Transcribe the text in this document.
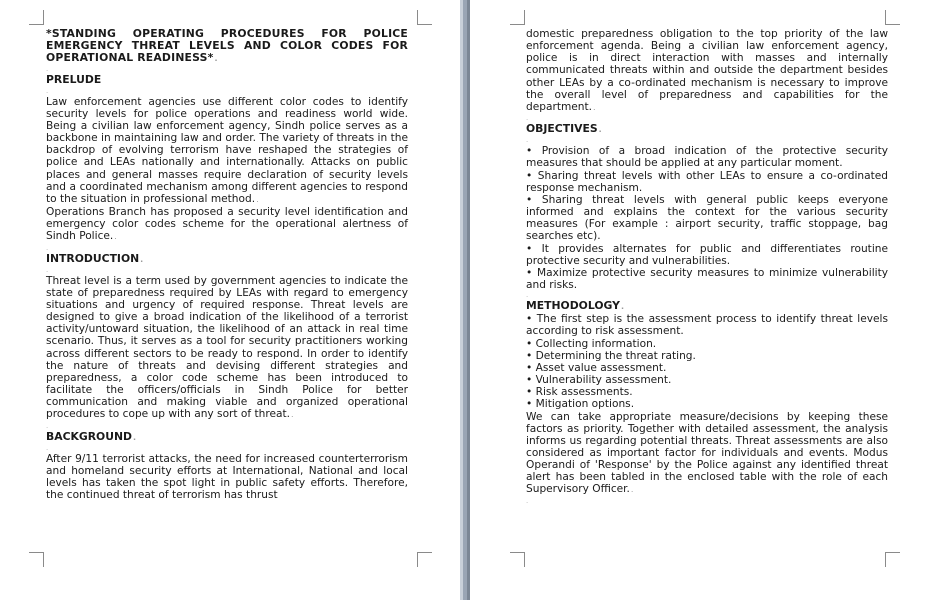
*STANDING OPERATING PROCEDURES FOR POLICE EMERGENCY THREAT LEVELS AND COLOR CODES FOR OPERATIONAL READINESS*.

.

PRELUDE

.

Law enforcement agencies use different color codes to identify security levels for police operations and readiness world wide. Being a civilian law enforcement agency, Sindh police serves as a backbone in maintaining law and order. The variety of threats in the backdrop of evolving terrorism have reshaped the strategies of police and LEAs nationally and internationally. Attacks on public places and general masses require declaration of security levels and a coordinated mechanism among different agencies to respond to the situation in professional method..

Operations Branch has proposed a security level identification and emergency color codes scheme for the operational alertness of Sindh Police..

.

INTRODUCTION.

.

Threat level is a term used by government agencies to indicate the state of preparedness required by LEAs with regard to emergency situations and urgency of required response. Threat levels are designed to give a broad indication of the likelihood of a terrorist activity/untoward situation, the likelihood of an attack in real time scenario. Thus, it serves as a tool for security practitioners working across different sectors to be ready to respond. In order to identify the nature of threats and devising different strategies and preparedness, a color code scheme has been introduced to facilitate the officers/officials in Sindh Police for better communication and making viable and organized operational procedures to cope up with any sort of threat..

.

BACKGROUND.

.

After 9/11 terrorist attacks, the need for increased counterterrorism and homeland security efforts at International, National and local levels has taken the spot light in public safety efforts. Therefore, the continued threat of terrorism has thrust

domestic preparedness obligation to the top priority of the law enforcement agenda. Being a civilian law enforcement agency, police is in direct interaction with masses and internally communicated threats within and outside the department besides other LEAs by a co-ordinated mechanism is necessary to improve the overall level of preparedness and capabilities for the department..

.

OBJECTIVES.

.

• Provision of a broad indication of the protective security measures that should be applied at any particular moment.

• Sharing threat levels with other LEAs to ensure a co-ordinated response mechanism.

• Sharing threat levels with general public keeps everyone informed and explains the context for the various security measures (For example : airport security, traffic stoppage, bag searches etc).

• It provides alternates for public and differentiates routine protective security and vulnerabilities.

• Maximize protective security measures to minimize vulnerability and risks.

.

METHODOLOGY.

• The first step is the assessment process to identify threat levels according to risk assessment.

• Collecting information.

• Determining the threat rating.

• Asset value assessment.

• Vulnerability assessment.

• Risk assessments.

• Mitigation options.

We can take appropriate measure/decisions by keeping these factors as priority. Together with detailed assessment, the analysis informs us regarding potential threats. Threat assessments are also considered as important factor for individuals and events. Modus Operandi of 'Response' by the Police against any identified threat alert has been tabled in the enclosed table with the role of each Supervisory Officer..

.
